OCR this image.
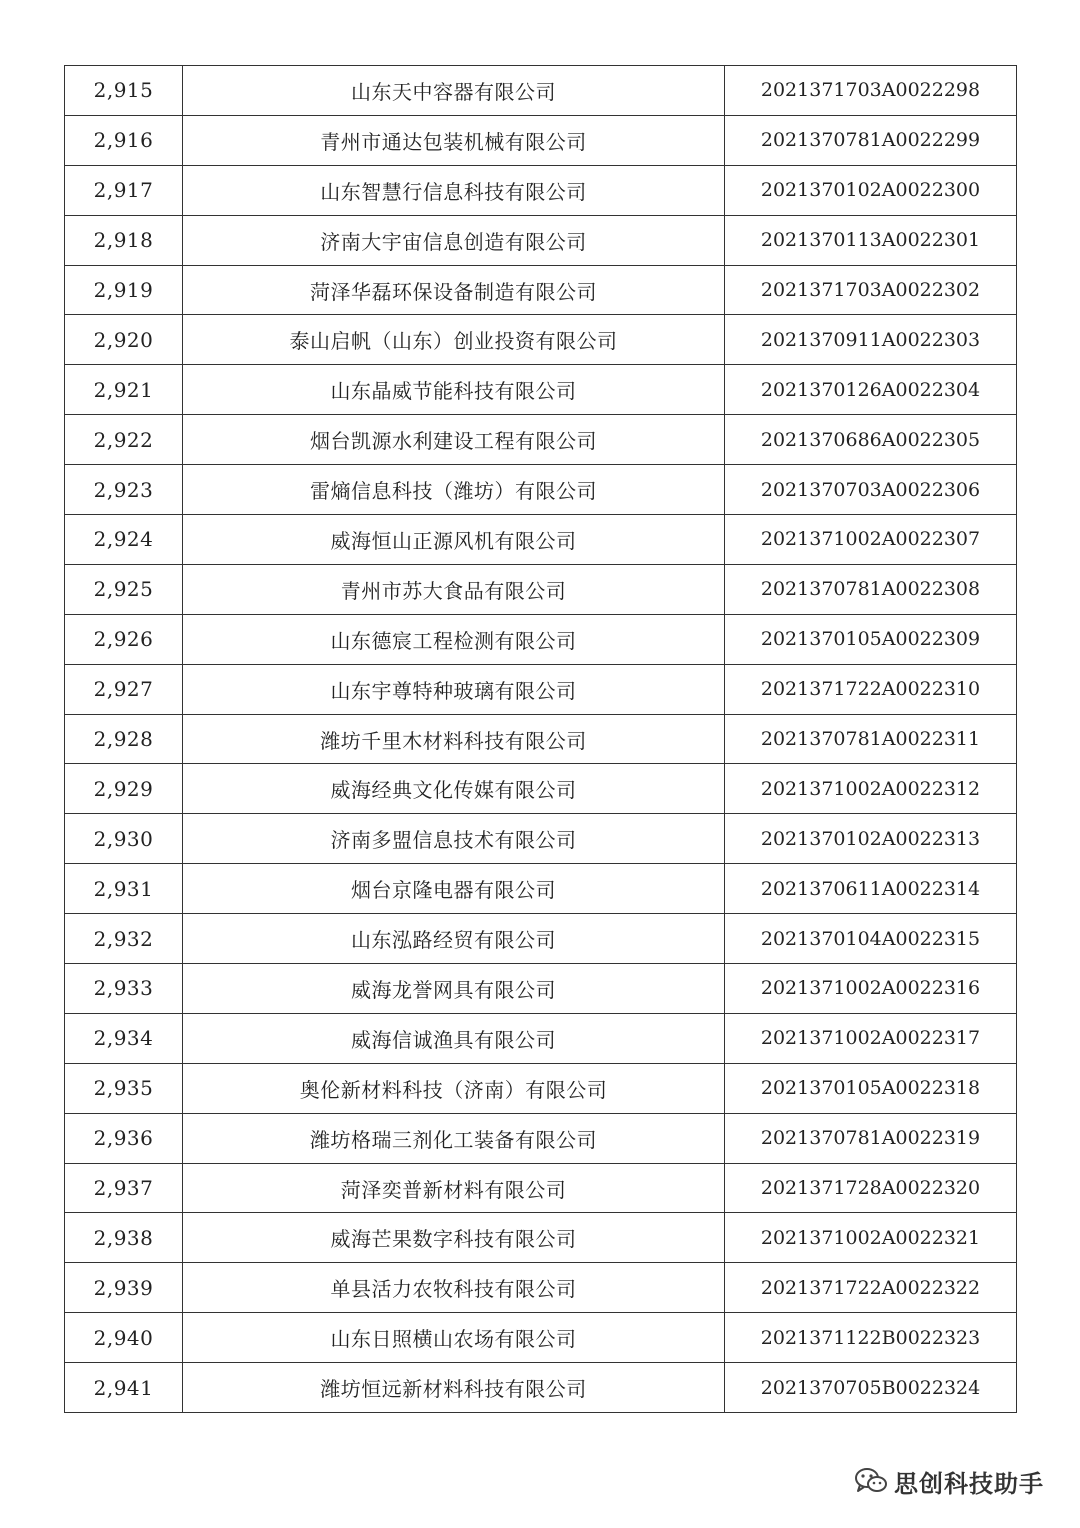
2,915	山东天中容器有限公司	2021371703A0022298
2,916	青州市通达包装机械有限公司	2021370781A0022299
2,917	山东智慧行信息科技有限公司	2021370102A0022300
2,918	济南大宇宙信息创造有限公司	2021370113A0022301
2,919	菏泽华磊环保设备制造有限公司	2021371703A0022302
2,920	泰山启帆（山东）创业投资有限公司	2021370911A0022303
2,921	山东晶威节能科技有限公司	2021370126A0022304
2,922	烟台凯源水利建设工程有限公司	2021370686A0022305
2,923	雷熵信息科技（潍坊）有限公司	2021370703A0022306
2,924	威海恒山正源风机有限公司	2021371002A0022307
2,925	青州市苏大食品有限公司	2021370781A0022308
2,926	山东德宸工程检测有限公司	2021370105A0022309
2,927	山东宇尊特种玻璃有限公司	2021371722A0022310
2,928	潍坊千里木材料科技有限公司	2021370781A0022311
2,929	威海经典文化传媒有限公司	2021371002A0022312
2,930	济南多盟信息技术有限公司	2021370102A0022313
2,931	烟台京隆电器有限公司	2021370611A0022314
2,932	山东泓路经贸有限公司	2021370104A0022315
2,933	威海龙誉网具有限公司	2021371002A0022316
2,934	威海信诚渔具有限公司	2021371002A0022317
2,935	奥伦新材料科技（济南）有限公司	2021370105A0022318
2,936	潍坊格瑞三剂化工装备有限公司	2021370781A0022319
2,937	菏泽奕普新材料有限公司	2021371728A0022320
2,938	威海芒果数字科技有限公司	2021371002A0022321
2,939	单县活力农牧科技有限公司	2021371722A0022322
2,940	山东日照横山农场有限公司	2021371122B0022323
2,941	潍坊恒远新材料科技有限公司	2021370705B0022324
思创科技助手
